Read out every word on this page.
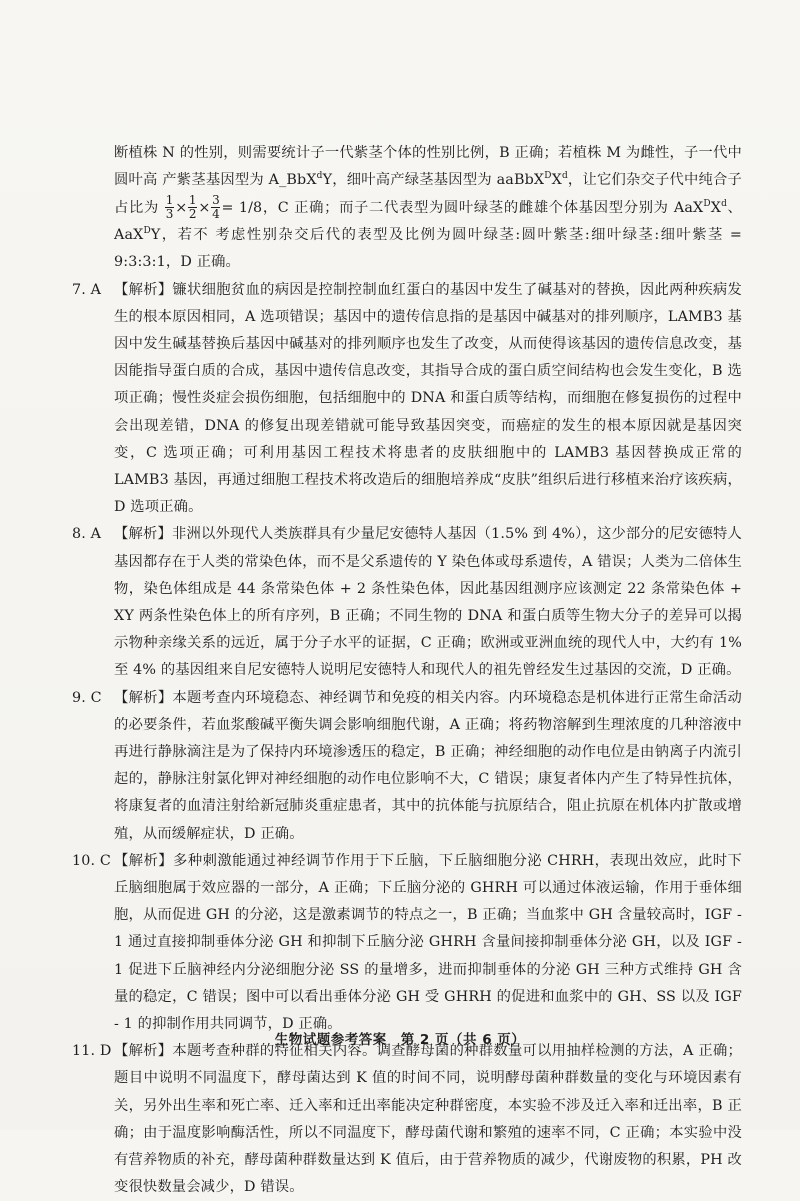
断植株 N 的性别，则需要统计子一代紫茎个体的性别比例，B 正确；若植株 M 为雌性，子一代中圆叶高 产紫茎基因型为 A_BbX$^d$Y，细叶高产绿茎基因型为 $aaBbX^DX^d$，让它们杂交子代中纯合子占比为 $\frac{1}{3} \times \frac{1}{2} \times \frac{3}{4} = 1/8$，C 正确；而子二代表型为圆叶绿茎的雌雄个体基因型分别为 $AaX^DX^d$、AaX$^D$Y，若不 考虑性别杂交后代的表型及比例为圆叶绿茎:圆叶紫茎:细叶绿茎:细叶紫茎 = 9:3:3:1，D 正确。
7. A 【解析】镰状细胞贫血的病因是控制控制血红蛋白的基因中发生了碱基对的替换，因此两种疾病发生的根本原因相同，A 选项错误；基因中的遗传信息指的是基因中碱基对的排列顺序，LAMB3 基因中发生碱基替换后基因中碱基对的排列顺序也发生了改变，从而使得该基因的遗传信息改变，基因能指导蛋白质的合成，基因中遗传信息改变，其指导合成的蛋白质空间结构也会发生变化，B 选项正确；慢性炎症会损伤细胞，包括细胞中的 DNA 和蛋白质等结构，而细胞在修复损伤的过程中会出现差错，DNA 的修复出现差错就可能导致基因突变，而癌症的发生的根本原因就是基因突变，C 选项正确；可利用基因工程技术将患者的皮肤细胞中的 LAMB3 基因替换成正常的 LAMB3 基因，再通过细胞工程技术将改造后的细胞培养成“皮肤”组织后进行移植来治疗该疾病，D 选项正确。
8. A 【解析】非洲以外现代人类族群具有少量尼安德特人基因（1.5% 到 4%），这少部分的尼安德特人基因都存在于人类的常染色体，而不是父系遗传的 Y 染色体或母系遗传，A 错误；人类为二倍体生物，染色体组成是 44 条常染色体 + 2 条性染色体，因此基因组测序应该测定 22 条常染色体 + XY 两条性染色体上的所有序列，B 正确；不同生物的 DNA 和蛋白质等生物大分子的差异可以揭示物种亲缘关系的远近，属于分子水平的证据，C 正确；欧洲或亚洲血统的现代人中，大约有 1% 至 4% 的基因组来自尼安德特人说明尼安德特人和现代人的祖先曾经发生过基因的交流，D 正确。
9. C 【解析】本题考查内环境稳态、神经调节和免疫的相关内容。内环境稳态是机体进行正常生命活动的必要条件，若血浆酸碱平衡失调会影响细胞代谢，A 正确；将药物溶解到生理浓度的几种溶液中再进行静脉滴注是为了保持内环境渗透压的稳定，B 正确；神经细胞的动作电位是由钠离子内流引起的，静脉注射氯化钾对神经细胞的动作电位影响不大，C 错误；康复者体内产生了特异性抗体，将康复者的血清注射给新冠肺炎重症患者，其中的抗体能与抗原结合，阻止抗原在机体内扩散或增殖，从而缓解症状，D 正确。
10. C 【解析】多种刺激能通过神经调节作用于下丘脑，下丘脑细胞分泌 CHRH，表现出效应，此时下丘脑细胞属于效应器的一部分，A 正确；下丘脑分泌的 GHRH 可以通过体液运输，作用于垂体细胞，从而促进 GH 的分泌，这是激素调节的特点之一，B 正确；当血浆中 GH 含量较高时，IGF - 1 通过直接抑制垂体分泌 GH 和抑制下丘脑分泌 GHRH 含量间接抑制垂体分泌 GH，以及 IGF - 1 促进下丘脑神经内分泌细胞分泌 SS 的量增多，进而抑制垂体的分泌 GH 三种方式维持 GH 含量的稳定，C 错误；图中可以看出垂体分泌 GH 受 GHRH 的促进和血浆中的 GH、SS 以及 IGF - 1 的抑制作用共同调节，D 正确。
11. D 【解析】本题考查种群的特征相关内容。调查酵母菌的种群数量可以用抽样检测的方法，A 正确；题目中说明不同温度下，酵母菌达到 K 值的时间不同，说明酵母菌种群数量的变化与环境因素有关，另外出生率和死亡率、迁入率和迁出率能决定种群密度，本实验不涉及迁入率和迁出率，B 正确；由于温度影响酶活性，所以不同温度下，酵母菌代谢和繁殖的速率不同，C 正确；本实验中没有营养物质的补充，酵母菌种群数量达到 K 值后，由于营养物质的减少，代谢废物的积累，PH 改变很快数量会减少，D 错误。
生物试题参考答案　第 2 页（共 6 页）
